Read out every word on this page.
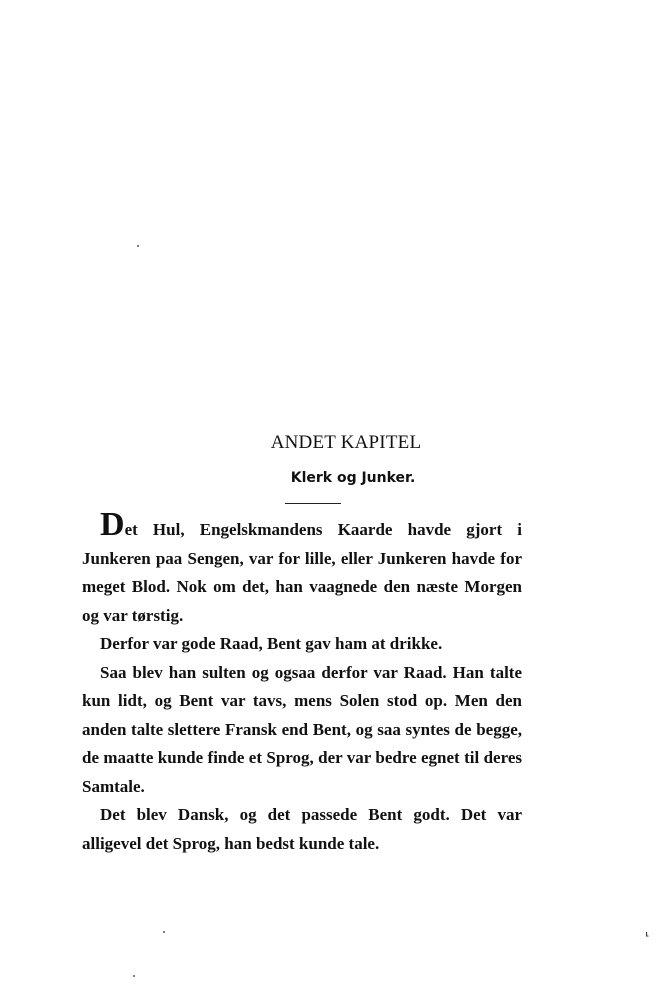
ANDET KAPITEL
Klerk og Junker.

Det Hul, Engelskmandens Kaarde havde gjort i Junkeren paa Sengen, var for lille, eller Junkeren havde for meget Blod. Nok om det, han vaagnede den næste Morgen og var tørstig.

Derfor var gode Raad, Bent gav ham at drikke.

Saa blev han sulten og ogsaa derfor var Raad. Han talte kun lidt, og Bent var tavs, mens Solen stod op. Men den anden talte slettere Fransk end Bent, og saa syntes de begge, de maatte kunde finde et Sprog, der var bedre egnet til deres Samtale.

Det blev Dansk, og det passede Bent godt. Det var alligevel det Sprog, han bedst kunde tale.

⸤
